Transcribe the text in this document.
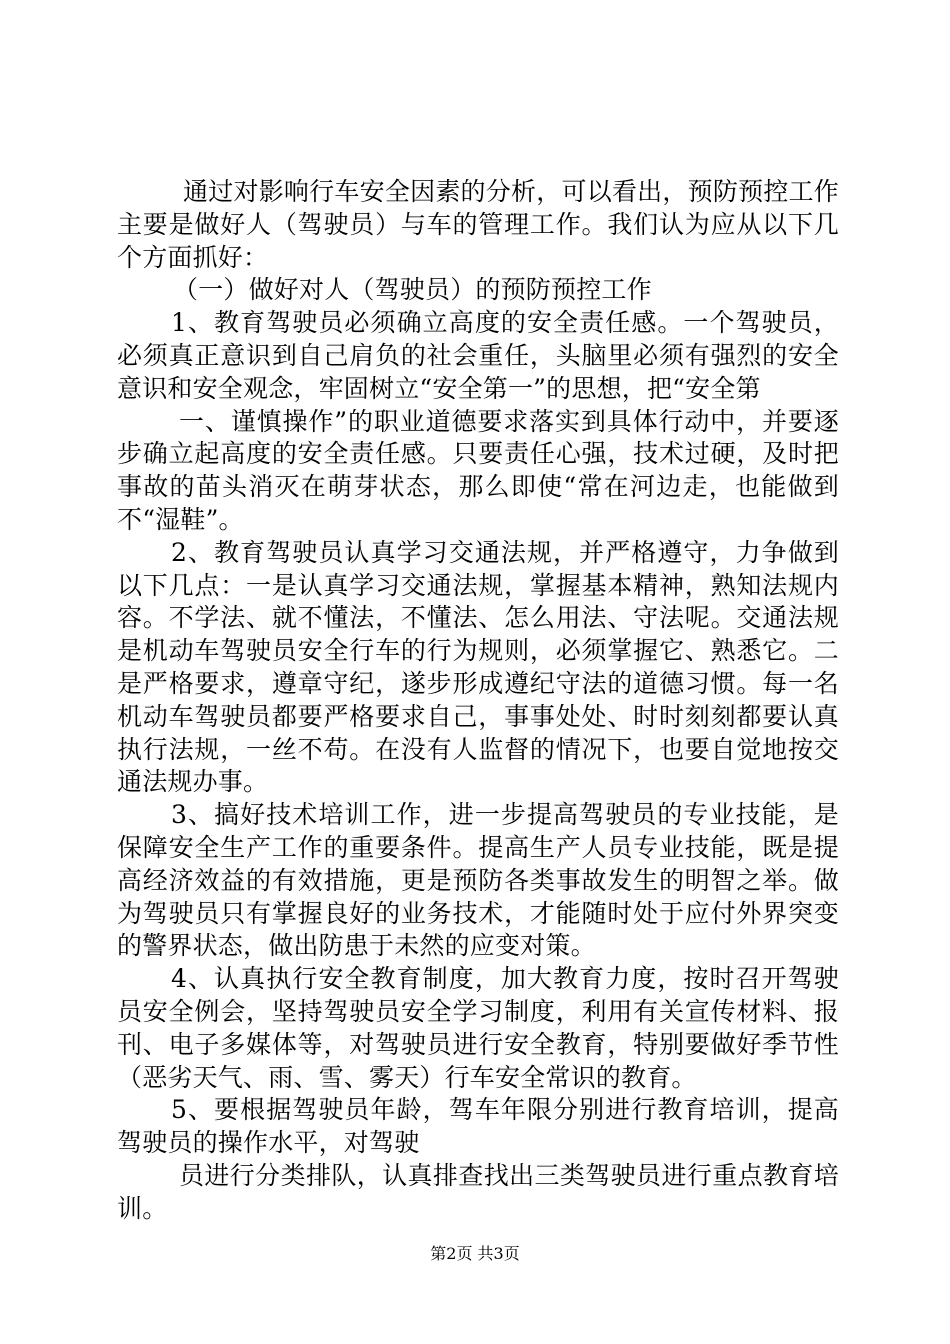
通过对影响行车安全因素的分析，可以看出，预防预控工作主要是做好人（驾驶员）与车的管理工作。我们认为应从以下几个方面抓好：

（一）做好对人（驾驶员）的预防预控工作

1、教育驾驶员必须确立高度的安全责任感。一个驾驶员，必须真正意识到自己肩负的社会重任，头脑里必须有强烈的安全意识和安全观念，牢固树立“安全第一”的思想，把“安全第

一、谨慎操作”的职业道德要求落实到具体行动中，并要逐步确立起高度的安全责任感。只要责任心强，技术过硬，及时把事故的苗头消灭在萌芽状态，那么即使“常在河边走，也能做到不“湿鞋”。

2、教育驾驶员认真学习交通法规，并严格遵守，力争做到以下几点：一是认真学习交通法规，掌握基本精神，熟知法规内容。不学法、就不懂法，不懂法、怎么用法、守法呢。交通法规是机动车驾驶员安全行车的行为规则，必须掌握它、熟悉它。二是严格要求，遵章守纪，遂步形成遵纪守法的道德习惯。每一名机动车驾驶员都要严格要求自己，事事处处、时时刻刻都要认真执行法规，一丝不苟。在没有人监督的情况下，也要自觉地按交通法规办事。

3、搞好技术培训工作，进一步提高驾驶员的专业技能，是保障安全生产工作的重要条件。提高生产人员专业技能，既是提高经济效益的有效措施，更是预防各类事故发生的明智之举。做为驾驶员只有掌握良好的业务技术，才能随时处于应付外界突变的警界状态，做出防患于未然的应变对策。

4、认真执行安全教育制度，加大教育力度，按时召开驾驶员安全例会，坚持驾驶员安全学习制度，利用有关宣传材料、报刊、电子多媒体等，对驾驶员进行安全教育，特别要做好季节性（恶劣天气、雨、雪、雾天）行车安全常识的教育。

5、要根据驾驶员年龄，驾车年限分别进行教育培训，提高驾驶员的操作水平，对驾驶

员进行分类排队，认真排查找出三类驾驶员进行重点教育培训。

第2页 共3页
